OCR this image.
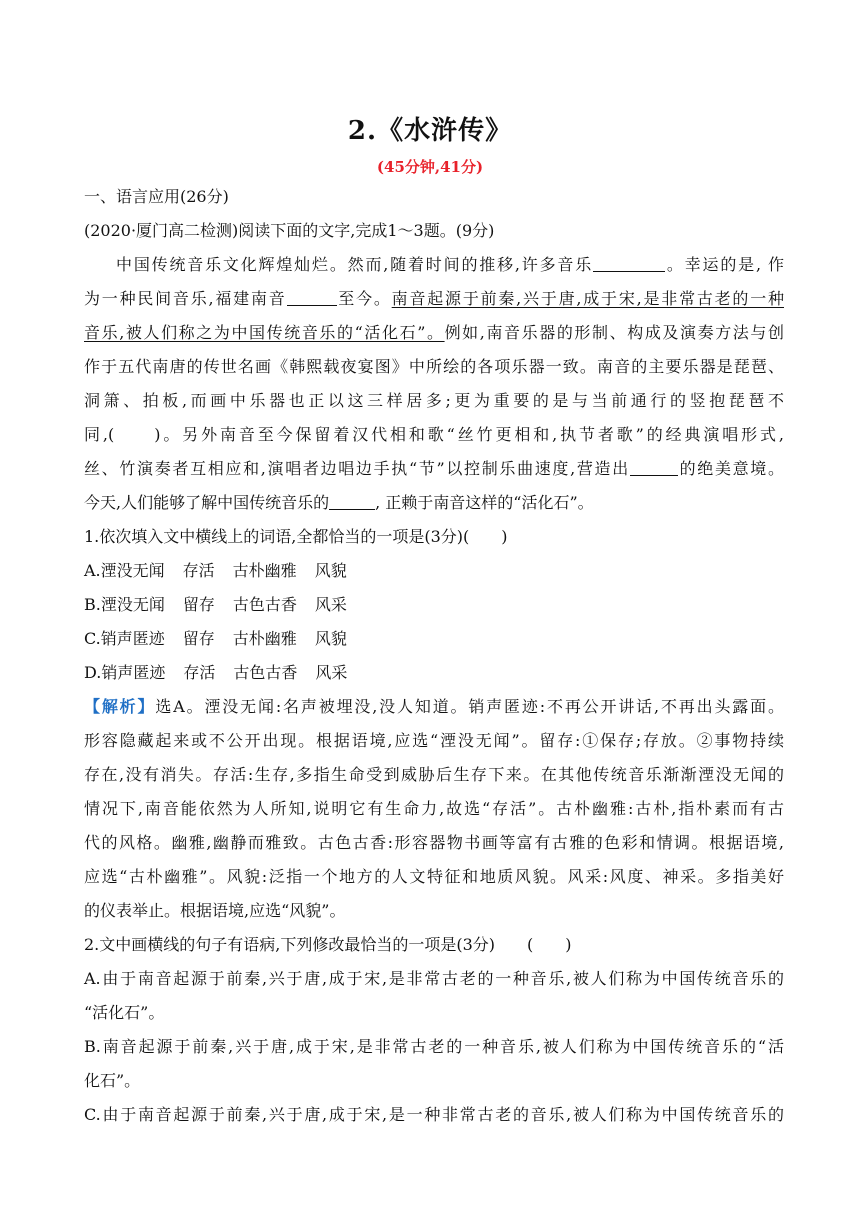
2.《水浒传》
(45分钟,41分)
一、语言应用(26分)
(2020·厦门高二检测)阅读下面的文字,完成1～3题。(9分)
中国传统音乐文化辉煌灿烂。然而,随着时间的推移,许多音乐	。幸运的是, 作
为一种民间音乐,福建南音	至今。南音起源于前秦,兴于唐,成于宋,是非常古老的一种
音乐,被人们称之为中国传统音乐的“活化石”。例如,南音乐器的形制、构成及演奏方法与创
作于五代南唐的传世名画《韩熙载夜宴图》中所绘的各项乐器一致。南音的主要乐器是琵琶、
洞箫、拍板,而画中乐器也正以这三样居多;更为重要的是与当前通行的竖抱琵琶不
同,(	)。另外南音至今保留着汉代相和歌“丝竹更相和,执节者歌”的经典演唱形式,
丝、竹演奏者互相应和,演唱者边唱边手执“节”以控制乐曲速度,营造出	的绝美意境。
今天,人们能够了解中国传统音乐的	, 正赖于南音这样的“活化石”。
1.依次填入文中横线上的词语,全都恰当的一项是(3分)(　　)
A.湮没无闻 存活 古朴幽雅 风貌
B.湮没无闻 留存 古色古香 风采
C.销声匿迹 留存 古朴幽雅 风貌
D.销声匿迹 存活 古色古香 风采
【解析】选A。湮没无闻:名声被埋没,没人知道。销声匿迹:不再公开讲话,不再出头露面。
形容隐藏起来或不公开出现。根据语境,应选“湮没无闻”。留存:①保存;存放。②事物持续
存在,没有消失。存活:生存,多指生命受到威胁后生存下来。在其他传统音乐渐渐湮没无闻的
情况下,南音能依然为人所知,说明它有生命力,故选“存活”。古朴幽雅:古朴,指朴素而有古
代的风格。幽雅,幽静而雅致。古色古香:形容器物书画等富有古雅的色彩和情调。根据语境,
应选“古朴幽雅”。风貌:泛指一个地方的人文特征和地质风貌。风采:风度、神采。多指美好
的仪表举止。根据语境,应选“风貌”。
2.文中画横线的句子有语病,下列修改最恰当的一项是(3分)　　(　　)
A.由于南音起源于前秦,兴于唐,成于宋,是非常古老的一种音乐,被人们称为中国传统音乐的
“活化石”。
B.南音起源于前秦,兴于唐,成于宋,是非常古老的一种音乐,被人们称为中国传统音乐的“活
化石”。
C.由于南音起源于前秦,兴于唐,成于宋,是一种非常古老的音乐,被人们称为中国传统音乐的
